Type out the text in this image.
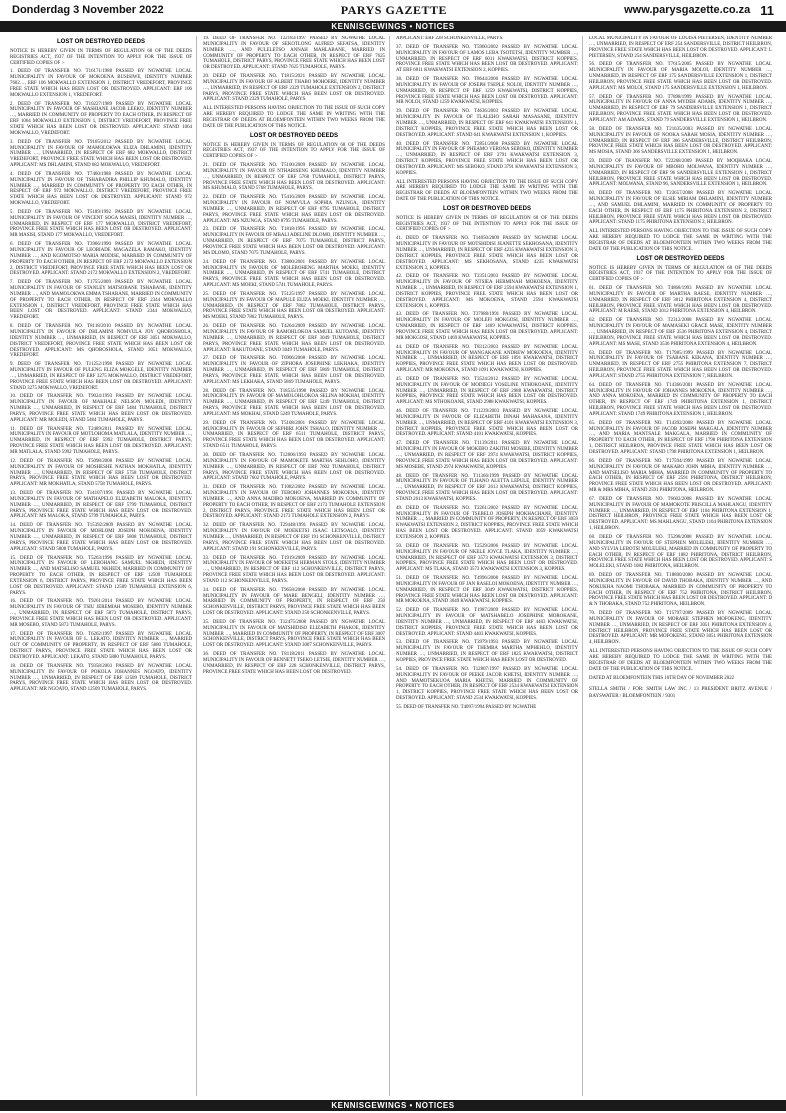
Donderdag 3 November 2022	PARYS GAZETTE	www.parysgazette.co.za 11
KENNISGEWINGS • NOTICES
LOST OR DESTROYED DEEDS
NOTICE IS HEREBY GIVEN IN TERMS OF REGULATION 68 OF THE DEEDS REGISTRIES ACT, 1937 OF THE INTENTION TO APPLY FOR THE ISSUE OF CERTIFIED COPIES OF :-
1. DEED OF TRANSFER NO. T16171/1988 PASSED BY NGWATHE LOCAL MUNICIPALITY IN FAVOUR OF MOKOENA BUSISIWE, IDENTITY NUMBER 7602…, ERF 106 MOKWALLO EXTENSION 1, DISTRICT VREDEFORT, PROVINCE FREE STATE WHICH HAS BEEN LOST OR DESTROYED. APPLICANT: ERF 106 MOKWALLO EXTENSION 1, VREDEFORT.
2. DEED OF TRANSFER NO. T10227/1989 PASSED BY NGWATHE LOCAL MUNICIPALITY IN FAVOUR OF MASHIANE JACOB LEEKO, IDENTITY NUMBER …, MARRIED IN COMMUNITY OF PROPERTY TO EACH OTHER, IN RESPECT OF ERF 1064 MOKWALLO EXTENSION 1, DISTRICT VREDEFORT, PROVINCE FREE STATE WHICH HAS BEEN LOST OR DESTROYED. APPLICANT: STAND 1064 MOKWALLO, VREDEFORT.
3. DEED OF TRANSFER NO. T9165/2012 PASSED BY NGWATHE LOCAL MUNICIPALITY IN FAVOUR OF MAMOLOKWA ELIZA DHLAMINI, IDENTITY NUMBER …, UNMARRIED, IN RESPECT OF ERF 682 MOKWALLO, DISTRICT VREDEFORT, PROVINCE FREE STATE WHICH HAS BEEN LOST OR DESTROYED. APPLICANT: MS DHLAMINI, STAND 682 MOKWALLO, VREDEFORT.
4. DEED OF TRANSFER NO. T7460/1988 PASSED BY NGWATHE LOCAL MUNICIPALITY IN FAVOUR OF TSHABADIRA PHILLIP KHUMALO, IDENTITY NUMBER …, MARRIED IN COMMUNITY OF PROPERTY TO EACH OTHER, IN RESPECT OF ERF 972 MOKWALLO, DISTRICT VREDEFORT, PROVINCE FREE STATE WHICH HAS BEEN LOST OR DESTROYED. APPLICANT: STAND 972 MOKWALLO, VREDEFORT.
5. DEED OF TRANSFER NO. T5189/1992 PASSED BY NGWATHE LOCAL MUNICIPALITY IN FAVOUR OF VINCENT SOGA MASISI, IDENTITY NUMBER …, UNMARRIED, IN RESPECT OF ERF 177 MOKWALLO, DISTRICT VREDEFORT, PROVINCE FREE STATE WHICH HAS BEEN LOST OR DESTROYED. APPLICANT: MR MASISI, STAND 177 MOKWALLO, VREDEFORT.
6. DEED OF TRANSFER NO. T3966/1990 PASSED BY NGWATHE LOCAL MUNICIPALITY IN FAVOUR OF LEOBIADE MAGAZELA RAMAKO, IDENTITY NUMBER …, AND KGOMOTSO MARIA MODISE, MARRIED IN COMMUNITY OF PROPERTY TO EACH OTHER, IN RESPECT OF ERF 2172 MOKWALLO EXTENSION 2, DISTRICT VREDEFORT, PROVINCE FREE STATE WHICH HAS BEEN LOST OR DESTROYED. APPLICANT: STAND 2172 MOKWALLO EXTENSION 2, VREDEFORT.
7. DEED OF TRANSFER NO. T1755/2009 PASSED BY NGWATHE LOCAL MUNICIPALITY IN FAVOUR OF STANLEY MATSOBANE TSHABANE, IDENTITY NUMBER …, AND MAMOLOKWA EMMA TSHABANE, MARRIED IN COMMUNITY OF PROPERTY TO EACH OTHER, IN RESPECT OF ERF 2344 MOKWALLO EXTENSION 1, DISTRICT VREDEFORT, PROVINCE FREE STATE WHICH HAS BEEN LOST OR DESTROYED. APPLICANT: STAND 2344 MOKWALLO, VREDEFORT.
8. DEED OF TRANSFER NO. T8118/2010 PASSED BY NGWATHE LOCAL MUNICIPALITY IN FAVOUR OF DHLAMINI NOMVULA JOY QHOBOSHOLA, IDENTITY NUMBER …, UNMARRIED, IN RESPECT OF ERF 3051 MOKWALLO, DISTRICT VREDEFORT, PROVINCE FREE STATE WHICH HAS BEEN LOST OR DESTROYED. APPLICANT: MS QHOBOSHOLA, STAND 3051 MOKWALLO, VREDEFORT.
9. DEED OF TRANSFER NO. T11252/1998 PASSED BY NGWATHE LOCAL MUNICIPALITY IN FAVOUR OF PULENG ELIZA MOKGELE, IDENTITY NUMBER …, UNMARRIED, IN RESPECT OF ERF 3275 MOKWALLO, DISTRICT VREDEFORT, PROVINCE FREE STATE WHICH HAS BEEN LOST OR DESTROYED. APPLICANT: STAND 3275 MOKWALLO, VREDEFORT.
10. DEED OF TRANSFER NO. T9024/1993 PASSED BY NGWATHE LOCAL MUNICIPALITY IN FAVOUR OF MAKHALE NELSON MOLEDI, IDENTITY NUMBER …, UNMARRIED, IN RESPECT OF ERF 5484 TUMAHOLE, DISTRICT PARYS, PROVINCE FREE STATE WHICH HAS BEEN LOST OR DESTROYED. APPLICANT: MR MOLEDI, STAND 5484 TUMAHOLE, PARYS.
11. DEED OF TRANSFER NO. T2489/2011 PASSED BY NGWATHE LOCAL MUNICIPALITY IN FAVOUR OF MOTLOHOMA MATLALA, IDENTITY NUMBER …, UNMARRIED, IN RESPECT OF ERF 5992 TUMAHOLE, DISTRICT PARYS, PROVINCE FREE STATE WHICH HAS BEEN LOST OR DESTROYED. APPLICANT: MR MATLALA, STAND 5992 TUMAHOLE, PARYS.
12. DEED OF TRANSFER NO. T5098/2008 PASSED BY NGWATHE LOCAL MUNICIPALITY IN FAVOUR OF MOSHESHE NATHAN MOKHATLA, IDENTITY NUMBER …, UNMARRIED, IN RESPECT OF ERF 5758 TUMAHOLE, DISTRICT PARYS, PROVINCE FREE STATE WHICH HAS BEEN LOST OR DESTROYED. APPLICANT: MR MOKHATLA, STAND 5758 TUMAHOLE, PARYS.
13. DEED OF TRANSFER NO. T14107/1991 PASSED BY NGWATHE LOCAL MUNICIPALITY IN FAVOUR OF MATHAPELO ELIZABETH MALOKA, IDENTITY NUMBER …, UNMARRIED, IN RESPECT OF ERF 5799 TUMAHOLE, DISTRICT PARYS, PROVINCE FREE STATE WHICH HAS BEEN LOST OR DESTROYED. APPLICANT: MS MALOKA, STAND 5799 TUMAHOLE, PARYS.
14. DEED OF TRANSFER NO. T15392/2009 PASSED BY NGWATHE LOCAL MUNICIPALITY IN FAVOUR OF MOHLOMI JOSEPH MOKOENA, IDENTITY NUMBER …, UNMARRIED, IN RESPECT OF ERF 5808 TUMAHOLE, DISTRICT PARYS, PROVINCE FREE STATE WHICH HAS BEEN LOST OR DESTROYED. APPLICANT: STAND 5808 TUMAHOLE, PARYS.
15. DEED OF TRANSFER NO. T5263/1996 PASSED BY NGWATHE LOCAL MUNICIPALITY IN FAVOUR OF LEBOHANG SAMUEL NKHEDI, IDENTITY NUMBER …, AND MATSELISO SAMUEL NKHEDI, MARRIED IN COMMUNITY OF PROPERTY TO EACH OTHER, IN RESPECT OF ERF 12509 TUMAHOLE EXTENSION 6, DISTRICT PARYS, PROVINCE FREE STATE WHICH HAS BEEN LOST OR DESTROYED. APPLICANT: STAND 12509 TUMAHOLE EXTENSION 6, PARYS.
16. DEED OF TRANSFER NO. T9261/2014 PASSED BY NGWATHE LOCAL MUNICIPALITY IN FAVOUR OF TSIU JEREMIAH MOSEBO, IDENTITY NUMBER …, UNMARRIED, IN RESPECT OF ERF 5873 TUMAHOLE, DISTRICT PARYS, PROVINCE FREE STATE WHICH HAS BEEN LOST OR DESTROYED. APPLICANT: MR MOSEBO, STAND 5873 TUMAHOLE, PARYS.
17. DEED OF TRANSFER NO. T6262/1997 PASSED BY NGWATHE LOCAL MUNICIPALITY IN FAVOUR OF L. LEKATO, IDENTITY NUMBER …, MARRIED OUT OF COMMUNITY OF PROPERTY, IN RESPECT OF ERF 5880 TUMAHOLE, DISTRICT PARYS, PROVINCE FREE STATE WHICH HAS BEEN LOST OR DESTROYED. APPLICANT: LEKATO, STAND 5880 TUMAHOLE, PARYS.
18. DEED OF TRANSFER NO. T9358/2003 PASSED BY NGWATHE LOCAL MUNICIPALITY IN FAVOUR OF POKOLA JOHANNES NGOATO, IDENTITY NUMBER …, UNMARRIED, IN RESPECT OF ERF 12509 TUMAHOLE, DISTRICT PARYS, PROVINCE FREE STATE WHICH HAS BEEN LOST OR DESTROYED. APPLICANT: MR NGOATO, STAND 12509 TUMAHOLE, PARYS.
19. DEED OF TRANSFER NO. T22183/1997 PASSED BY NGWATHE LOCAL MUNICIPALITY IN FAVOUR OF SEKOTLONG ALFRED SEFATSA, IDENTITY NUMBER …, AND PULELETSO ANNAH MAHLABANE, MARRIED IN COMMUNITY OF PROPERTY TO EACH OTHER, IN RESPECT OF ERF 7625 TUMAHOLE, DISTRICT PARYS, PROVINCE FREE STATE WHICH HAS BEEN LOST OR DESTROYED. APPLICANT: STAND 7625 TUMAHOLE, PARYS.
20. DEED OF TRANSFER NO. T1815/2021 PASSED BY NGWATHE LOCAL MUNICIPALITY IN FAVOUR OF ALBERT THABO MOHOERE, IDENTITY NUMBER …, UNMARRIED, IN RESPECT OF ERF 2329 TUMAHOLE EXTENSION 2, DISTRICT PARYS, PROVINCE FREE STATE WHICH HAS BEEN LOST OR DESTROYED. APPLICANT: STAND 2329 TUMAHOLE, PARYS.
ALL INTERESTED PERSONS HAVING OBJECTION TO THE ISSUE OF SUCH COPY ARE HEREBY REQUIRED TO LODGE THE SAME IN WRITING WITH THE REGISTRAR OF DEEDS AT BLOEMFONTEIN WITHIN TWO WEEKS FROM THE DATE OF THE PUBLICATION OF THIS NOTICE.
LOST OR DESTROYED DEEDS
NOTICE IS HEREBY GIVEN IN TERMS OF REGULATION 68 OF THE DEEDS REGISTRIES ACT, 1937 OF THE INTENTION TO APPLY FOR THE ISSUE OF CERTIFIED COPIES OF :-
21. DEED OF TRANSFER NO. T5100/2009 PASSED BY NGWATHE LOCAL MUNICIPALITY IN FAVOUR OF NTHABISENG KHUMALO, IDENTITY NUMBER …, UNMARRIED, IN RESPECT OF ERF 5768 TUMAHOLE, DISTRICT PARYS, PROVINCE FREE STATE WHICH HAS BEEN LOST OR DESTROYED. APPLICANT: MS KHUMALO, STAND 5768 TUMAHOLE, PARYS.
22. DEED OF TRANSFER NO. T5416/2009 PASSED BY NGWATHE LOCAL MUNICIPALITY IN FAVOUR OF NOMVULA SOPHIA NZUNGA, IDENTITY NUMBER …, UNMARRIED, IN RESPECT OF ERF 8795 TUMAHOLE, DISTRICT PARYS, PROVINCE FREE STATE WHICH HAS BEEN LOST OR DESTROYED. APPLICANT: MS NZUNGA, STAND 8795 TUMAHOLE, PARYS.
23. DEED OF TRANSFER NO. T1818/1995 PASSED BY NGWATHE LOCAL MUNICIPALITY IN FAVOUR OF MBALI ADELINE DLOMO, IDENTITY NUMBER …, UNMARRIED, IN RESPECT OF ERF 7075 TUMAHOLE, DISTRICT PARYS, PROVINCE FREE STATE WHICH HAS BEEN LOST OR DESTROYED. APPLICANT: MS DLOMO, STAND 7075 TUMAHOLE, PARYS.
24. DEED OF TRANSFER NO. T3800/2001 PASSED BY NGWATHE LOCAL MUNICIPALITY IN FAVOUR OF MOLEBOHENG MARTHA MOEKI, IDENTITY NUMBER …, UNMARRIED, IN RESPECT OF ERF 5741 TUMAHOLE, DISTRICT PARYS, PROVINCE FREE STATE WHICH HAS BEEN LOST OR DESTROYED. APPLICANT: MS MOEKI, STAND 5741 TUMAHOLE, PARYS.
25. DEED OF TRANSFER NO. T5125/1997 PASSED BY NGWATHE LOCAL MUNICIPALITY IN FAVOUR OF MAPULE ELIZA MOEKI, IDENTITY NUMBER …, UNMARRIED, IN RESPECT OF ERF 7862 TUMAHOLE, DISTRICT PARYS, PROVINCE FREE STATE WHICH HAS BEEN LOST OR DESTROYED. APPLICANT: MS MOEKI, STAND 7862 TUMAHOLE, PARYS.
26. DEED OF TRANSFER NO. T4264/2009 PASSED BY NGWATHE LOCAL MUNICIPALITY IN FAVOUR OF RAMOHLOKOA SAMUEL KUTOANE, IDENTITY NUMBER …, UNMARRIED, IN RESPECT OF ERF 3049 TUMAHOLE, DISTRICT PARYS, PROVINCE FREE STATE WHICH HAS BEEN LOST OR DESTROYED. APPLICANT: RAKUTOANE, STAND 3049 TUMAHOLE, PARYS.
27. DEED OF TRANSFER NO. T6906/2008 PASSED BY NGWATHE LOCAL MUNICIPALITY IN FAVOUR OF ZIPHORA JOSEPHINE LEKHAKA, IDENTITY NUMBER …, UNMARRIED, IN RESPECT OF ERF 5869 TUMAHOLE, DISTRICT PARYS, PROVINCE FREE STATE WHICH HAS BEEN LOST OR DESTROYED. APPLICANT: MS LEKHAKA, STAND 5869 TUMAHOLE, PARYS.
28. DEED OF TRANSFER NO. T18535/1998 PASSED BY NGWATHE LOCAL MUNICIPALITY IN FAVOUR OF MAMOLOHLOKOA SELINA MOKHAI, IDENTITY NUMBER …, UNMARRIED, IN RESPECT OF ERF 5249 TUMAHOLE, DISTRICT PARYS, PROVINCE FREE STATE WHICH HAS BEEN LOST OR DESTROYED. APPLICANT: MS MOKHAI, STAND 5249 TUMAHOLE, PARYS.
29. DEED OF TRANSFER NO. T5108/2001 PASSED BY NGWATHE LOCAL MUNICIPALITY IN FAVOUR OF SEPHIRI JOHN TSHALO, IDENTITY NUMBER …, UNMARRIED, IN RESPECT OF ERF 6511 TUMAHOLE, DISTRICT PARYS, PROVINCE FREE STATE WHICH HAS BEEN LOST OR DESTROYED. APPLICANT: STAND 6511 TUMAHOLE, PARYS.
30. DEED OF TRANSFER NO. T12806/1993 PASSED BY NGWATHE LOCAL MUNICIPALITY IN FAVOUR OF MAMOKETE MARTHA SEHLOHO, IDENTITY NUMBER …, UNMARRIED, IN RESPECT OF ERF 7602 TUMAHOLE, DISTRICT PARYS, PROVINCE FREE STATE WHICH HAS BEEN LOST OR DESTROYED. APPLICANT: STAND 7602 TUMAHOLE, PARYS.
31. DEED OF TRANSFER NO. T1082/2002 PASSED BY NGWATHE LOCAL MUNICIPALITY IN FAVOUR OF TEBOHO JOHANNES MOKOENA, IDENTITY NUMBER …, AND ANNA MADIRO MOKOENA, MARRIED IN COMMUNITY OF PROPERTY TO EACH OTHER, IN RESPECT OF ERF 2173 TUMAHOLE EXTENSION 2, DISTRICT PARYS, PROVINCE FREE STATE WHICH HAS BEEN LOST OR DESTROYED. APPLICANT: STAND 2173 TUMAHOLE EXTENSION 2, PARYS.
32. DEED OF TRANSFER NO. T29448/1991 PASSED BY NGWATHE LOCAL MUNICIPALITY IN FAVOUR OF MOEKETSI ISAAC LETSOALO, IDENTITY NUMBER …, UNMARRIED, IN RESPECT OF ERF 191 SCHONKENVILLE, DISTRICT PARYS, PROVINCE FREE STATE WHICH HAS BEEN LOST OR DESTROYED. APPLICANT: STAND 191 SCHONKENVILLE, PARYS.
33. DEED OF TRANSFER NO. T1919/2009 PASSED BY NGWATHE LOCAL MUNICIPALITY IN FAVOUR OF MOEKETSI HERMAN STOLS, IDENTITY NUMBER …, UNMARRIED, IN RESPECT OF ERF 112 SCHONKENVILLE, DISTRICT PARYS, PROVINCE FREE STATE WHICH HAS BEEN LOST OR DESTROYED. APPLICANT: STAND 112 SCHONKENVILLE, PARYS.
34. DEED OF TRANSFER NO. T9658/2008 PASSED BY NGWATHE LOCAL MUNICIPALITY IN FAVOUR OF MARE BENGELI, IDENTITY NUMBER …, MARRIED IN COMMUNITY OF PROPERTY, IN RESPECT OF ERF 250 SCHONKENVILLE, DISTRICT PARYS, PROVINCE FREE STATE WHICH HAS BEEN LOST OR DESTROYED. APPLICANT: STAND 250 SCHONKENVILLE, PARYS.
35. DEED OF TRANSFER NO. T12475/2008 PASSED BY NGWATHE LOCAL MUNICIPALITY IN FAVOUR OF MATSHIDISO ELIZABETH PHAKOE, IDENTITY NUMBER …, MARRIED IN COMMUNITY OF PROPERTY, IN RESPECT OF ERF 3007 SCHONKENVILLE, DISTRICT PARYS, PROVINCE FREE STATE WHICH HAS BEEN LOST OR DESTROYED. APPLICANT: STAND 3007 SCHONKENVILLE, PARYS.
36. DEED OF TRANSFER NO. T8118/2011 PASSED BY NGWATHE LOCAL MUNICIPALITY IN FAVOUR OF BENNETT TSEKO LETSIE, IDENTITY NUMBER …, UNMARRIED, IN RESPECT OF ERF 228 SCHONKENVILLE, DISTRICT PARYS, PROVINCE FREE STATE WHICH HAS BEEN LOST OR DESTROYED.
APPLICANT: ERF 228 SCHONKENVILLE, PARYS.
37. DEED OF TRANSFER NO. T5960/2002 PASSED BY NGWATHE LOCAL MUNICIPALITY IN FAVOUR OF LAMOS LEBA TSOTETSI, IDENTITY NUMBER …, UNMARRIED, IN RESPECT OF ERF 6011 KWAKWATSI, DISTRICT KOPPIES, PROVINCE FREE STATE WHICH HAS BEEN LOST OR DESTROYED. APPLICANT: AT ERF 6011 KWAKWATSI EXTENSION 2, KOPPIES.
38. DEED OF TRANSFER NO. T8644/2000 PASSED BY NGWATHE LOCAL MUNICIPALITY IN FAVOUR OF JOSEPH TSEPLE NOLOI, IDENTITY NUMBER …, UNMARRIED, IN RESPECT OF ERF 1259 KWAKWATSI, DISTRICT KOPPIES, PROVINCE FREE STATE WHICH HAS BEEN LOST OR DESTROYED. APPLICANT: MR NOLOI, STAND 1259 KWAKWATSI, KOPPIES.
39. DEED OF TRANSFER NO. T4636/2003 PASSED BY NGWATHE LOCAL MUNICIPALITY IN FAVOUR OF TLALEHO SARAH MASASANE, IDENTITY NUMBER …, UNMARRIED, IN RESPECT OF ERF 641 KWAKWATSI EXTENSION 1, DISTRICT KOPPIES, PROVINCE FREE STATE WHICH HAS BEEN LOST OR DESTROYED. APPLICANT: STAND 641 KWAKWATSI EXTENSION 1, KOPPIES.
40. DEED OF TRANSFER NO. T2851/2008 PASSED BY NGWATHE LOCAL MUNICIPALITY IN FAVOUR OF PHEAMO VERONA SEBOKO, IDENTITY NUMBER …, UNMARRIED, IN RESPECT OF ERF 3791 KWAKWATSI EXTENSION 3, DISTRICT KOPPIES, PROVINCE FREE STATE WHICH HAS BEEN LOST OR DESTROYED. APPLICANT: MS SEBOKO, STAND 3791 KWAKWATSI EXTENSION 3, KOPPIES.
ALL INTERESTED PERSONS HAVING OBJECTION TO THE ISSUE OF SUCH COPY ARE HEREBY REQUIRED TO LODGE THE SAME IN WRITING WITH THE REGISTRAR OF DEEDS AT BLOEMFONTEIN WITHIN TWO WEEKS FROM THE DATE OF THE PUBLICATION OF THIS NOTICE.
LOST OR DESTROYED DEEDS
NOTICE IS HEREBY GIVEN IN TERMS OF REGULATION 68 OF THE DEEDS REGISTRIES ACT, 1937 OF THE INTENTION TO APPLY FOR THE ISSUE OF CERTIFIED COPIES OF :-
41. DEED OF TRANSFER NO. T14050/2009 PASSED BY NGWATHE LOCAL MUNICIPALITY IN FAVOUR OF MOTSHIDISI JEANETTE SEKHOSANA, IDENTITY NUMBER …, UNMARRIED, IN RESPECT OF ERF 4235 KWAKWATSI EXTENSION 3, DISTRICT KOPPIES, PROVINCE FREE STATE WHICH HAS BEEN LOST OR DESTROYED. APPLICANT: MS SEKHOSANA, STAND 4235 KWAKWATSI EXTENSION 3, KOPPIES.
42. DEED OF TRANSFER NO. T2351/2003 PASSED BY NGWATHE LOCAL MUNICIPALITY IN FAVOUR OF NTSIEA HERMINAH MOKOENA, IDENTITY NUMBER …, UNMARRIED, IN RESPECT OF ERF 2594 KWAKWATSI EXTENSION 1, DISTRICT KOPPIES, PROVINCE FREE STATE WHICH HAS BEEN LOST OR DESTROYED. APPLICANT: MS MOKOENA, STAND 2594 KWAKWATSI EXTENSION 1, KOPPIES.
43. DEED OF TRANSFER NO. T37988/1991 PASSED BY NGWATHE LOCAL MUNICIPALITY IN FAVOUR OF MOLEFI MOKGOSI, IDENTITY NUMBER …, UNMARRIED, IN RESPECT OF ERF 1469 KWAKWATSI, DISTRICT KOPPIES, PROVINCE FREE STATE WHICH HAS BEEN LOST OR DESTROYED. APPLICANT: MR MOKGOSI, STAND 1469 KWAKWATSI, KOPPIES.
44. DEED OF TRANSFER NO. T8312/2003 PASSED BY NGWATHE LOCAL MUNICIPALITY IN FAVOUR OF MANGAKANE ANDREW MOKOENA, IDENTITY NUMBER …, UNMARRIED, IN RESPECT OF ERF 1091 KWAKWATSI, DISTRICT KOPPIES, PROVINCE FREE STATE WHICH HAS BEEN LOST OR DESTROYED. APPLICANT: MR MOKOENA, STAND 1091 KWAKWATSI, KOPPIES.
45. DEED OF TRANSFER NO. T3524/2012 PASSED BY NGWATHE LOCAL MUNICIPALITY IN FAVOUR OF MODIEGI YOSELINE NTHOKOANE, IDENTITY NUMBER …, UNMARRIED, IN RESPECT OF ERF 2988 KWAKWATSI, DISTRICT KOPPIES, PROVINCE FREE STATE WHICH HAS BEEN LOST OR DESTROYED. APPLICANT: MS NTHOKOANE, STAND 2988 KWAKWATSI, KOPPIES.
46. DEED OF TRANSFER NO. T11239/2003 PASSED BY NGWATHE LOCAL MUNICIPALITY IN FAVOUR OF ELIZABETH DINAH MAHASANA, IDENTITY NUMBER …, UNMARRIED, IN RESPECT OF ERF 4101 KWAKWATSI EXTENSION 3, DISTRICT KOPPIES, PROVINCE FREE STATE WHICH HAS BEEN LOST OR DESTROYED. APPLICANT: STAND 4101 KWAKWATSI, KOPPIES.
47. DEED OF TRANSFER NO. T1139/2011 PASSED BY NGWATHE LOCAL MUNICIPALITY IN FAVOUR OF MOKEBO ZAKITHI MOSEBE, IDENTITY NUMBER …, UNMARRIED, IN RESPECT OF ERF 2974 KWAKWATSI, DISTRICT KOPPIES, PROVINCE FREE STATE WHICH HAS BEEN LOST OR DESTROYED. APPLICANT: MS MOSEBE, STAND 2974 KWAKWATSI, KOPPIES.
48. DEED OF TRANSFER NO. T11366/1999 PASSED BY NGWATHE LOCAL MUNICIPALITY IN FAVOUR OF TLHANO ALETTA LEPULE, IDENTITY NUMBER …, UNMARRIED, IN RESPECT OF ERF 2613 KWAKWATSI, DISTRICT KOPPIES, PROVINCE FREE STATE WHICH HAS BEEN LOST OR DESTROYED. APPLICANT: STAND 2613 KWAKWATSI, KOPPIES.
49. DEED OF TRANSFER NO. T2261/2002 PASSED BY NGWATHE LOCAL MUNICIPALITY IN FAVOUR OF TSEBELO JOSEPH MOKHACHANE, IDENTITY NUMBER …, MARRIED IN COMMUNITY OF PROPERTY, IN RESPECT OF ERF 3059 KWAKWATSI EXTENSION 2, DISTRICT KOPPIES, PROVINCE FREE STATE WHICH HAS BEEN LOST OR DESTROYED. APPLICANT: STAND 3059 KWAKWATSI EXTENSION 2, KOPPIES.
50. DEED OF TRANSFER NO. T2529/2006 PASSED BY NGWATHE LOCAL MUNICIPALITY IN FAVOUR OF NKELE JOYCE TLAKA, IDENTITY NUMBER …, UNMARRIED, IN RESPECT OF ERF 3573 KWAKWATSI EXTENSION 3, DISTRICT KOPPIES, PROVINCE FREE STATE WHICH HAS BEEN LOST OR DESTROYED. APPLICANT: MS TLAKA, STAND 3573 KWAKWATSI EXTENSION 3, KOPPIES.
51. DEED OF TRANSFER NO. T4996/2008 PASSED BY NGWATHE LOCAL MUNICIPALITY IN FAVOUR OF JAN RASELOI MOKOENA, IDENTITY NUMBER …, UNMARRIED, IN RESPECT OF ERF 3049 KWAKWATSI, DISTRICT KOPPIES, PROVINCE FREE STATE WHICH HAS BEEN LOST OR DESTROYED. APPLICANT: MR MOKOENA, STAND 3049 KWAKWATSI, KOPPIES.
52. DEED OF TRANSFER NO. T1987/2009 PASSED BY NGWATHE LOCAL MUNICIPALITY IN FAVOUR OF MATSHABELO JOSEPHINE MOROKANE, IDENTITY NUMBER …, UNMARRIED, IN RESPECT OF ERF 4403 KWAKWATSI, DISTRICT KOPPIES, PROVINCE FREE STATE WHICH HAS BEEN LOST OR DESTROYED. APPLICANT: STAND 4403 KWAKWATSI, KOPPIES.
53. DEED OF TRANSFER NO. T3979/1993 PASSED BY NGWATHE LOCAL MUNICIPALITY IN FAVOUR OF THEMBA MARTHA MPHEHLO, IDENTITY NUMBER …, UNMARRIED, IN RESPECT OF ERF 1825 KWAKWATSI, DISTRICT KOPPIES, PROVINCE FREE STATE WHICH HAS BEEN LOST OR DESTROYED.
54. DEED OF TRANSFER NO. T12807/1997 PASSED BY NGWATHE LOCAL MUNICIPALITY IN FAVOUR OF PEEKE JACOB KHETSI, IDENTITY NUMBER …, AND MAMOTSEKUOA MARIA KHETSI, MARRIED IN COMMUNITY OF PROPERTY TO EACH OTHER, IN RESPECT OF ERF 2534 KWAKWATSI EXTENSION 1, DISTRICT KOPPIES, PROVINCE FREE STATE WHICH HAS BEEN LOST OR DESTROYED. APPLICANT: STAND 2534 KWAKWATSI, KOPPIES.
55. DEED OF TRANSFER NO. T4097/1994 PASSED BY NGWATHE
LOCAL MUNICIPALITY IN FAVOUR OF LOUISA PIETERSEN, IDENTITY NUMBER …, UNMARRIED, IN RESPECT OF ERF 254 SANDERSVILLE, DISTRICT HEILBRON, PROVINCE FREE STATE WHICH HAS BEEN LOST OR DESTROYED. APPLICANT: L PIETERSEN, STAND 254 SANDERSVILLE, HEILBRON.
56. DEED OF TRANSFER NO. T7615/2005 PASSED BY NGWATHE LOCAL MUNICIPALITY IN FAVOUR OF MARIA MOLOI, IDENTITY NUMBER …, UNMARRIED, IN RESPECT OF ERF 175 SANDERSVILLE EXTENSION 1, DISTRICT HEILBRON, PROVINCE FREE STATE WHICH HAS BEEN LOST OR DESTROYED. APPLICANT: MS MOLOI, STAND 175 SANDERSVILLE EXTENSION 1, HEILBRON.
57. DEED OF TRANSFER NO. T7898/1999 PASSED BY NGWATHE LOCAL MUNICIPALITY IN FAVOUR OF ANNA MYDEH ADAMS, IDENTITY NUMBER …, UNMARRIED, IN RESPECT OF ERF 79 SANDERSVILLE EXTENSION 1, DISTRICT HEILBRON, PROVINCE FREE STATE WHICH HAS BEEN LOST OR DESTROYED. APPLICANT: AM ADAMS, STAND 79 SANDERSVILLE EXTENSION 1, HEILBRON.
58. DEED OF TRANSFER NO. T21035/2003 PASSED BY NGWATHE LOCAL MUNICIPALITY IN FAVOUR OF NOOKA SARAH MOSIA, IDENTITY NUMBER …, UNMARRIED, IN RESPECT OF ERF 366 SANDERSVILLE, DISTRICT HEILBRON, PROVINCE FREE STATE WHICH HAS BEEN LOST OR DESTROYED. APPLICANT: MS MOSIA, STAND 366 SANDERSVILLE EXTENSION 1, HEILBRON.
59. DEED OF TRANSFER NO. T22268/2009 PASSED BY MOQHAKA LOCAL MUNICIPALITY IN FAVOUR OF MBOHO MOLWANA, IDENTITY NUMBER …, UNMARRIED, IN RESPECT OF ERF 96 SANDERSVILLE EXTENSION 1, DISTRICT HEILBRON, PROVINCE FREE STATE WHICH HAS BEEN LOST OR DESTROYED. APPLICANT: MOLWANA, STAND 96, SANDERSVILLE EXTENSION 1, HEILBRON.
60. DEED OF TRANSFER NO. T23657/2008 PASSED BY NGWATHE LOCAL MUNICIPALITY IN FAVOUR OF ELSIE MIRIAM DHLAMINI, IDENTITY NUMBER …, AND SAMUEL DHLAMINI, MARRIED IN COMMUNITY OF PROPERTY TO EACH OTHER, IN RESPECT OF ERF 1175 PHIRITONA EXTENSION 2, DISTRICT HEILBRON, PROVINCE FREE STATE WHICH HAS BEEN LOST OR DESTROYED. APPLICANT: STAND 1175 PHIRITONA EXTENSION 2, HEILBRON.
ALL INTERESTED PERSONS HAVING OBJECTION TO THE ISSUE OF SUCH COPY ARE HEREBY REQUIRED TO LODGE THE SAME IN WRITING WITH THE REGISTRAR OF DEEDS AT BLOEMFONTEIN WITHIN TWO WEEKS FROM THE DATE OF THE PUBLICATION OF THIS NOTICE.
LOST OR DESTROYED DEEDS
NOTICE IS HEREBY GIVEN IN TERMS OF REGULATION 68 OF THE DEEDS REGISTRIES ACT, 1937 OF THE INTENTION TO APPLY FOR THE ISSUE OF CERTIFIED COPIES OF :-
61. DEED OF TRANSFER NO. T4868/1993 PASSED BY NGWATHE LOCAL MUNICIPALITY IN FAVOUR OF MARTHA RAESE, IDENTITY NUMBER …, UNMARRIED, IN RESPECT OF ERF 3012 PHIRITONA EXTENSION 4, DISTRICT HEILBRON, PROVINCE FREE STATE WHICH HAS BEEN LOST OR DESTROYED. APPLICANT: M RAESE, STAND 3012 PHIRITONA EXTENSION 4, HEILBRON.
62. DEED OF TRANSFER NO. T2312/2008 PASSED BY NGWATHE LOCAL MUNICIPALITY IN FAVOUR OF MAMASEKI GRACE MASE, IDENTITY NUMBER …, UNMARRIED, IN RESPECT OF ERF 3536 PHIRITONA EXTENSION 4, DISTRICT HEILBRON, PROVINCE FREE STATE WHICH HAS BEEN LOST OR DESTROYED. APPLICANT: MS MASE, STAND 3536 PHIRITONA EXTENSION 4, HEILBRON.
63. DEED OF TRANSFER NO. T17985/1999 PASSED BY NGWATHE LOCAL MUNICIPALITY IN FAVOUR OF TSABANE KEKANA, IDENTITY NUMBER …, UNMARRIED, IN RESPECT OF ERF 2755 PHIRITONA EXTENSION 7, DISTRICT HEILBRON, PROVINCE FREE STATE WHICH HAS BEEN LOST OR DESTROYED. APPLICANT: STAND 2755 PHIRITONA EXTENSION 7, HEILBRON.
64. DEED OF TRANSFER NO. T14366/2001 PASSED BY NGWATHE LOCAL MUNICIPALITY IN FAVOUR OF JOHANNES MOKOENA, IDENTITY NUMBER …, AND ANNA MOKOENA, MARRIED IN COMMUNITY OF PROPERTY TO EACH OTHER, IN RESPECT OF ERF 1749 PHIRITONA EXTENSION 1, DISTRICT HEILBRON, PROVINCE FREE STATE WHICH HAS BEEN LOST OR DESTROYED. APPLICANT: STAND 1749 PHIRITONA EXTENSION 1, HEILBRON.
65. DEED OF TRANSFER NO. T14392/2008 PASSED BY NGWATHE LOCAL MUNICIPALITY IN FAVOUR OF JACOB JOSEPH MAKGALA, IDENTITY NUMBER …, AND MARIA MANTSALE MAKGALA, MARRIED IN COMMUNITY OF PROPERTY TO EACH OTHER, IN RESPECT OF ERF 1798 PHIRITONA EXTENSION 1, DISTRICT HEILBRON, PROVINCE FREE STATE WHICH HAS BEEN LOST OR DESTROYED. APPLICANT: STAND 1798 PHIRITONA EXTENSION 1, HEILBRON.
66. DEED OF TRANSFER NO. T17594/1999 PASSED BY NGWATHE LOCAL MUNICIPALITY IN FAVOUR OF MAKABO JOHN MBHA, IDENTITY NUMBER …, AND MATSELISO MARIA MBHA, MARRIED IN COMMUNITY OF PROPERTY TO EACH OTHER, IN RESPECT OF ERF 2591 PHIRITONA, DISTRICT HEILBRON, PROVINCE FREE STATE WHICH HAS BEEN LOST OR DESTROYED. APPLICANT: MR & MRS MBHA, STAND 2591 PHIRITONA, HEILBRON.
67. DEED OF TRANSFER NO. T6602/2008 PASSED BY NGWATHE LOCAL MUNICIPALITY IN FAVOUR OF MAMOKOTE PRISCILLA MAHLANGU, IDENTITY NUMBER …, UNMARRIED, IN RESPECT OF ERF 1104 PHIRITONA EXTENSION 1, DISTRICT HEILBRON, PROVINCE FREE STATE WHICH HAS BEEN LOST OR DESTROYED. APPLICANT: MS MAHLANGU, STAND 1104 PHIRITONA EXTENSION 1, HEILBRON.
68. DEED OF TRANSFER NO. T5298/2008 PASSED BY NGWATHE LOCAL MUNICIPALITY IN FAVOUR OF STEPHEN MOLELEKI, IDENTITY NUMBER …, AND SYLVIA LEBOTSI MOLELEKI, MARRIED IN COMMUNITY OF PROPERTY TO EACH OTHER, IN RESPECT OF ERF 1082 PHIRITONA, DISTRICT HEILBRON, PROVINCE FREE STATE WHICH HAS BEEN LOST OR DESTROYED. APPLICANT: S MOLELEKI, STAND 1082 PHIRITONA, HEILBRON.
69. DEED OF TRANSFER NO. T18800/2000 PASSED BY NGWATHE LOCAL MUNICIPALITY IN FAVOUR OF DAVID THOBAKA, IDENTITY NUMBER …, AND NOKUKHA NAOMI THOBAKA, MARRIED IN COMMUNITY OF PROPERTY TO EACH OTHER, IN RESPECT OF ERF 752 PHIRITONA, DISTRICT HEILBRON, PROVINCE FREE STATE WHICH HAS BEEN LOST OR DESTROYED. APPLICANT: D & N THOBAKA, STAND 752 PHIRITONA, HEILBRON.
70. DEED OF TRANSFER NO. T15797/2009 PASSED BY NGWATHE LOCAL MUNICIPALITY IN FAVOUR OF MORAKE STEPHEN MOFOKENG, IDENTITY NUMBER …, UNMARRIED, IN RESPECT OF ERF 3051 PHIRITONA EXTENSION 4, DISTRICT HEILBRON, PROVINCE FREE STATE WHICH HAS BEEN LOST OR DESTROYED. APPLICANT: MR MOFOKENG, STAND 3051 PHIRITONA EXTENSION 4, HEILBRON.
ALL INTERESTED PERSONS HAVING OBJECTION TO THE ISSUE OF SUCH COPY ARE HEREBY REQUIRED TO LODGE THE SAME IN WRITING WITH THE REGISTRAR OF DEEDS AT BLOEMFONTEIN WITHIN TWO WEEKS FROM THE DATE OF THE PUBLICATION OF THIS NOTICE.
DATED AT BLOEMFONTEIN THIS 10TH DAY OF NOVEMBER 2022
STELLA SMITH / FOR: SMITH LAW INC / 13 PRESIDENT BRITZ AVENUE / BAYSWATER / BLOEMFONTEIN / 9301
KENNISGEWINGS • NOTICES
